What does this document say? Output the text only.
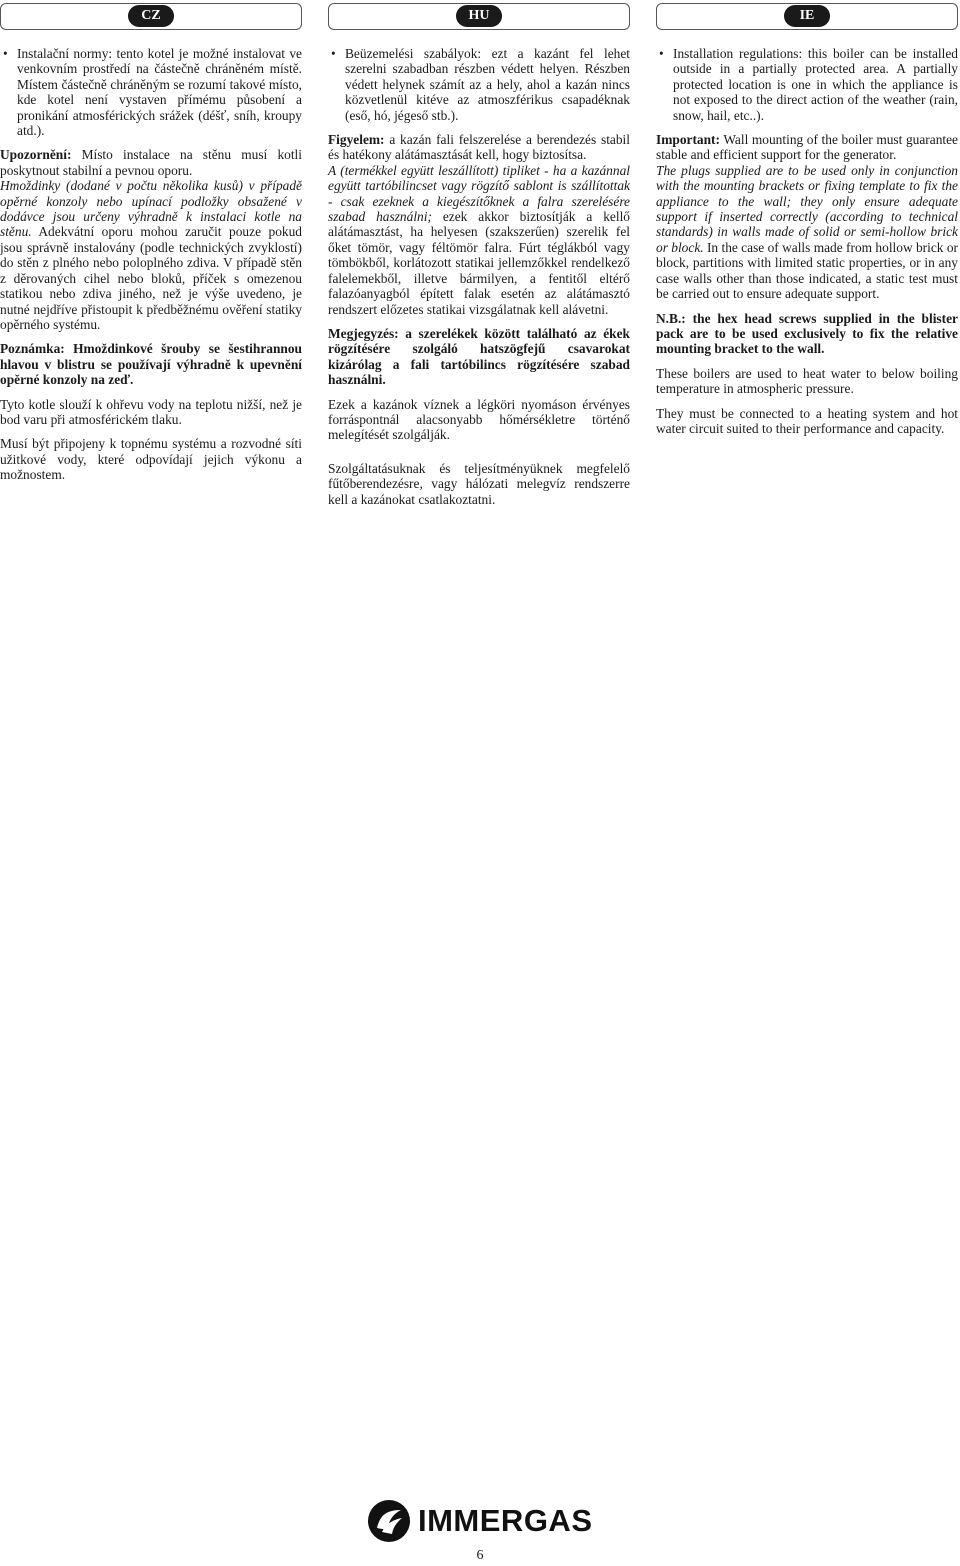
CZ
• Instalační normy: tento kotel je možné instalovat ve venkovním prostředí na částečně chráněném místě. Místem částečně chráněným se rozumí takové místo, kde kotel není vystaven přímému působení a pronikání atmosférických srážek (déšť, sníh, kroupy atd.).

Upozornění: Místo instalace na stěnu musí kotli poskytnout stabilní a pevnou oporu.
Hmoždinky (dodané v počtu několika kusů) v případě opěrné konzoly nebo upínací podložky obsažené v dodávce jsou určeny výhradně k instalaci kotle na stěnu. Adekvátní oporu mohou zaručit pouze pokud jsou správně instalovány (podle technických zvyklostí) do stěn z plného nebo poloplného zdiva. V případě stěn z děrovaných cihel nebo bloků, příček s omezenou statikou nebo zdiva jiného, než je výše uvedeno, je nutné nejdříve přistoupit k předběžnému ověření statiky opěrného systému.

Poznámka: Hmoždinkové šrouby se šestihrannou hlavou v blistru se používají výhradně k upevnění opěrné konzoly na zeď.

Tyto kotle slouží k ohřevu vody na teplotu nižší, než je bod varu při atmosférickém tlaku.

Musí být připojeny k topnému systému a rozvodné síti užitkové vody, které odpovídají jejich výkonu a možnostem.

HU
• Beüzemelési szabályok: ezt a kazánt fel lehet szerelni szabadban részben védett helyen. Részben védett helynek számít az a hely, ahol a kazán nincs közvetlenül kitéve az atmoszférikus csapadéknak (eső, hó, jégeső stb.).

Figyelem: a kazán fali felszerelése a berendezés stabil és hatékony alátámasztását kell, hogy biztosítsa.
A (termékkel együtt leszállított) tipliket - ha a kazánnal együtt tartóbilincset vagy rögzítő sablont is szállítottak - csak ezeknek a kiegészítőknek a falra szerelésére szabad használni; ezek akkor biztosítják a kellő alátámasztást, ha helyesen (szakszerűen) szerelik fel őket tömör, vagy féltömör falra. Fúrt téglákból vagy tömbökből, korlátozott statikai jellemzőkkel rendelkező falelemekből, illetve bármilyen, a fentitől eltérő falazóanyagból épített falak esetén az alátámasztó rendszert előzetes statikai vizsgálatnak kell alávetni.

Megjegyzés: a szerelékek között található az ékek rögzítésére szolgáló hatszögfejű csavarokat kizárólag a fali tartóbilincs rögzítésére szabad használni.

Ezek a kazánok víznek a légköri nyomáson érvényes forráspontnál alacsonyabb hőmérsékletre történő melegítését szolgálják.

Szolgáltatásuknak és teljesítményüknek megfelelő fűtőberendezésre, vagy hálózati melegvíz rendszerre kell a kazánokat csatlakoztatni.

IE
• Installation regulations: this boiler can be installed outside in a partially protected area. A partially protected location is one in which the appliance is not exposed to the direct action of the weather (rain, snow, hail, etc..).

Important: Wall mounting of the boiler must guarantee stable and efficient support for the generator.
The plugs supplied are to be used only in conjunction with the mounting brackets or fixing template to fix the appliance to the wall; they only ensure adequate support if inserted correctly (according to technical standards) in walls made of solid or semi-hollow brick or block. In the case of walls made from hollow brick or block, partitions with limited static properties, or in any case walls other than those indicated, a static test must be carried out to ensure adequate support.

N.B.: the hex head screws supplied in the blister pack are to be used exclusively to fix the relative mounting bracket to the wall.

These boilers are used to heat water to below boiling temperature in atmospheric pressure.

They must be connected to a heating system and hot water circuit suited to their performance and capacity.

IMMERGAS
6
